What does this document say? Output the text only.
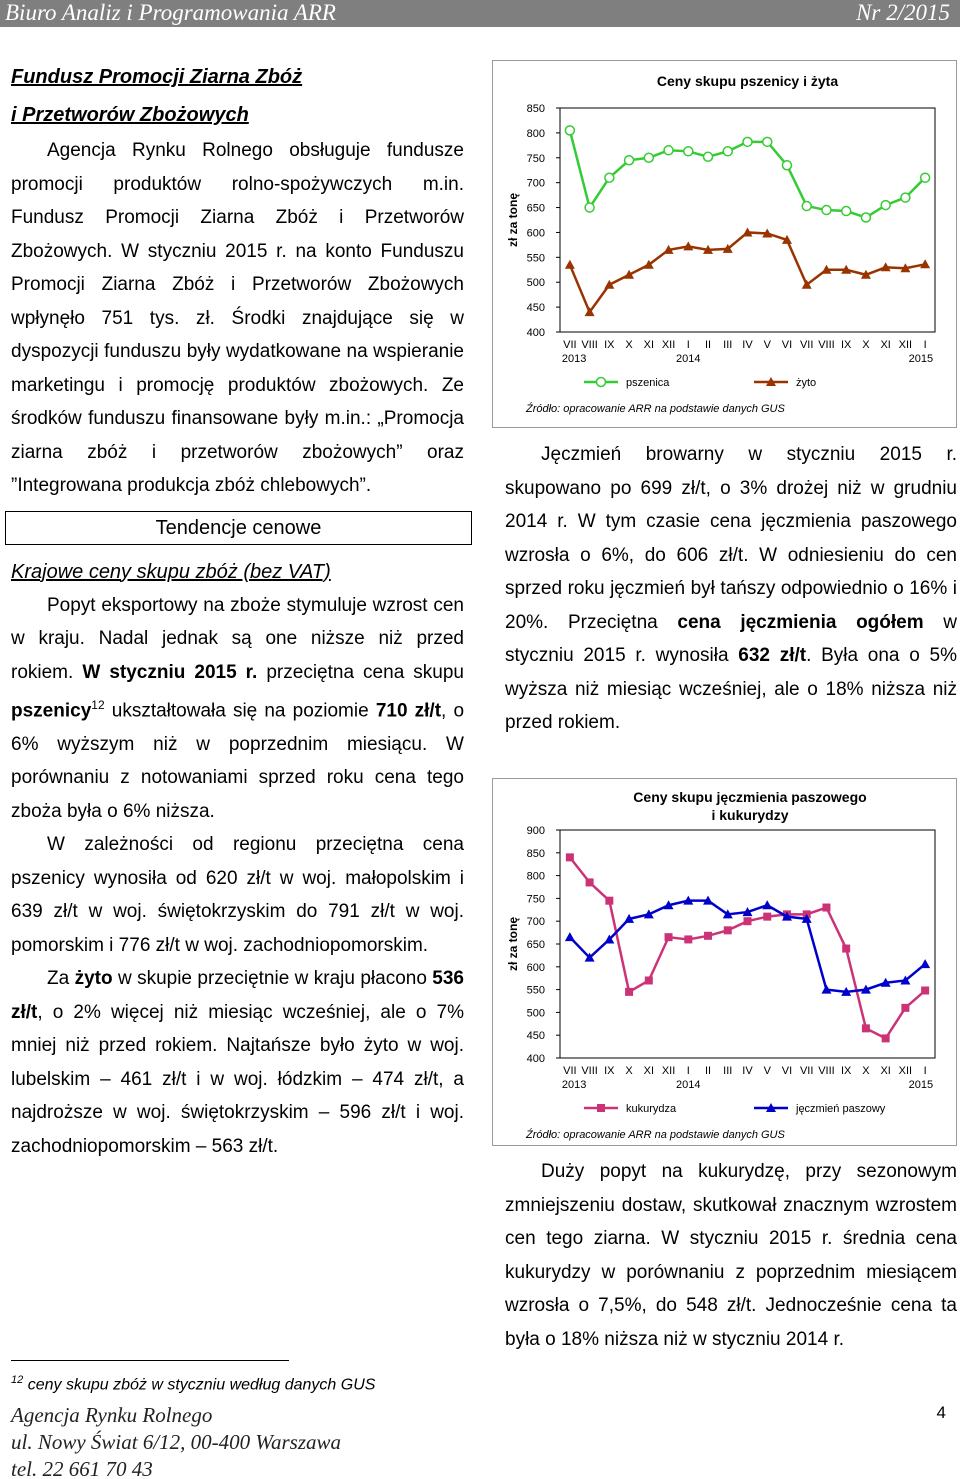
Biuro Analiz i Programowania ARR	Nr 2/2015
Fundusz Promocji Ziarna Zbóż
i Przetworów Zbożowych

Agencja Rynku Rolnego obsługuje fundusze promocji produktów rolno-spożywczych m.in. Fundusz Promocji Ziarna Zbóż i Przetworów Zbożowych. W styczniu 2015 r. na konto Funduszu Promocji Ziarna Zbóż i Przetworów Zbożowych wpłynęło 751 tys. zł. Środki znajdujące się w dyspozycji funduszu były wydatkowane na wspieranie marketingu i promocję produktów zbożowych. Ze środków funduszu finansowane były m.in.: „Promocja ziarna zbóż i przetworów zbożowych” oraz ”Integrowana produkcja zbóż chlebowych”.

Tendencje cenowe
Krajowe ceny skupu zbóż (bez VAT)

Popyt eksportowy na zboże stymuluje wzrost cen w kraju. Nadal jednak są one niższe niż przed rokiem. W styczniu 2015 r. przeciętna cena skupu pszenicy$^{12}$ ukształtowała się na poziomie 710 zł/t, o 6% wyższym niż w poprzednim miesiącu. W porównaniu z notowaniami sprzed roku cena tego zboża była o 6% niższa.

W zależności od regionu przeciętna cena pszenicy wynosiła od 620 zł/t w woj. małopolskim i 639 zł/t w woj. świętokrzyskim do 791 zł/t w woj. pomorskim i 776 zł/t w woj. zachodniopomorskim.

Za żyto w skupie przeciętnie w kraju płacono 536 zł/t, o 2% więcej niż miesiąc wcześniej, ale o 7% mniej niż przed rokiem. Najtańsze było żyto w woj. lubelskim – 461 zł/t i w woj. łódzkim – 474 zł/t, a najdroższe w woj. świętokrzyskim – 596 zł/t i woj. zachodniopomorskim – 563 zł/t.

$^{12}$ ceny skupu zbóż w styczniu według danych GUS
Agencja Rynku Rolnego
ul. Nowy Świat 6/12, 00-400 Warszawa
tel. 22 661 70 43
4
Ceny skupu pszenicy i żyta
400
450
500
550
600
650
700
750
800
850
zł za tonę
VII VIII IX X XI XII I II III IV V VI VII VIII IX X XI XII I
2013	2014	2015
pszenica	żyto
Źródło: opracowanie ARR na podstawie danych GUS

Jęczmień browarny w styczniu 2015 r. skupowano po 699 zł/t, o 3% drożej niż w grudniu 2014 r. W tym czasie cena jęczmienia paszowego wzrosła o 6%, do 606 zł/t. W odniesieniu do cen sprzed roku jęczmień był tańszy odpowiednio o 16% i 20%. Przeciętna cena jęczmienia ogółem w styczniu 2015 r. wynosiła 632 zł/t. Była ona o 5% wyższa niż miesiąc wcześniej, ale o 18% niższa niż przed rokiem.

Ceny skupu jęczmienia paszowego
i kukurydzy
400
450
500
550
600
650
700
750
800
850
900
zł za tonę
VII VIII IX X XI XII I II III IV V VI VII VIII IX X XI XII I
2013	2014	2015
kukurydza	jęczmień paszowy
Źródło: opracowanie ARR na podstawie danych GUS

Duży popyt na kukurydzę, przy sezonowym zmniejszeniu dostaw, skutkował znacznym wzrostem cen tego ziarna. W styczniu 2015 r. średnia cena kukurydzy w porównaniu z poprzednim miesiącem wzrosła o 7,5%, do 548 zł/t. Jednocześnie cena ta była o 18% niższa niż w styczniu 2014 r.
